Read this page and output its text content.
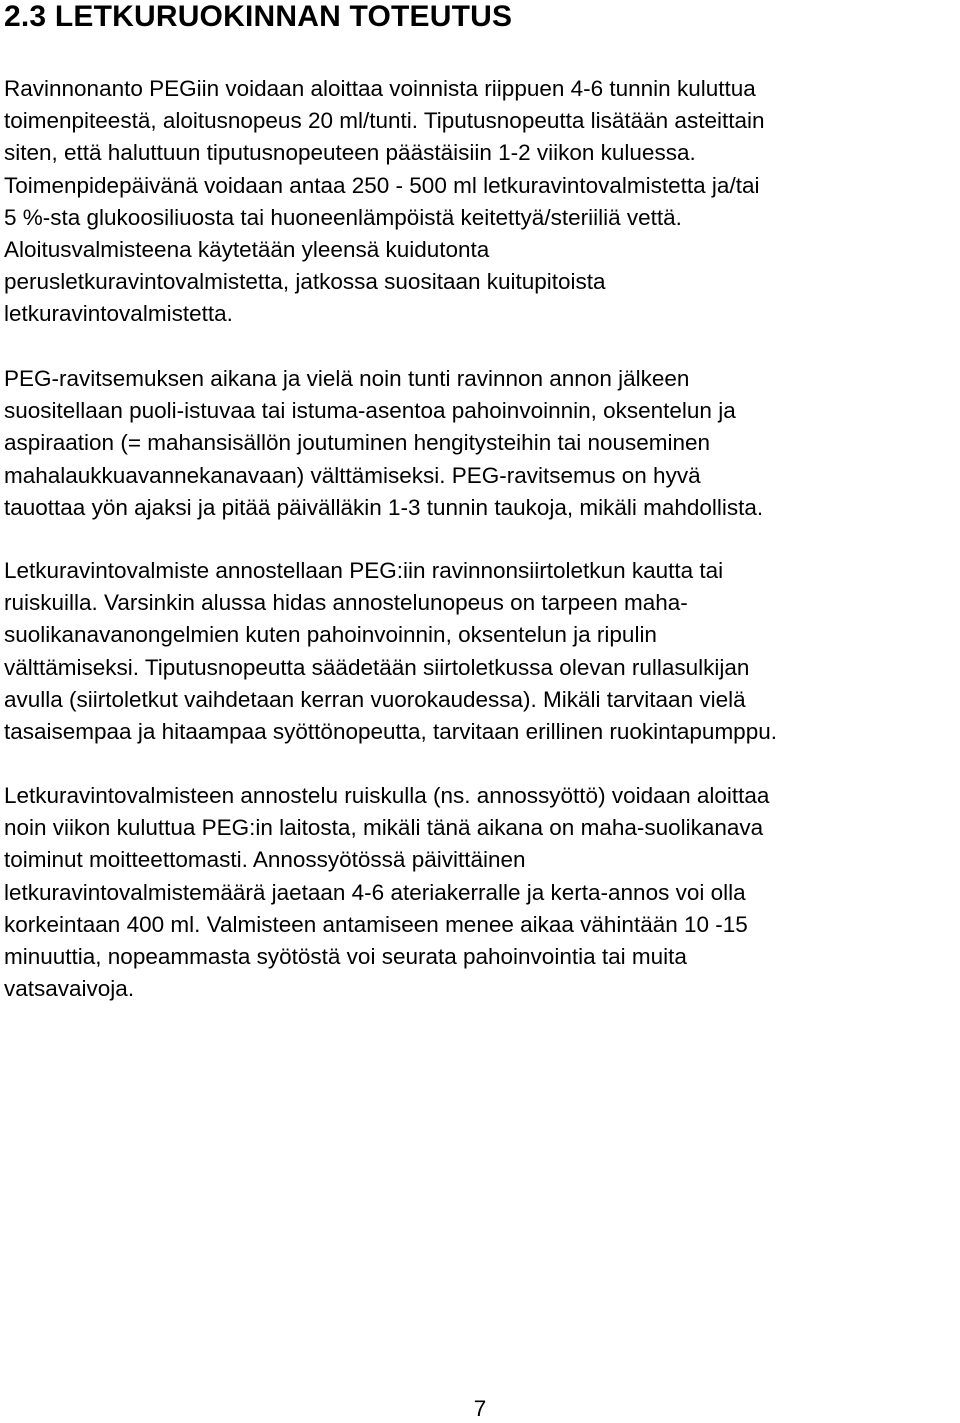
2.3 LETKURUOKINNAN TOTEUTUS

Ravinnonanto PEGiin voidaan aloittaa voinnista riippuen 4-6 tunnin kuluttua
toimenpiteestä, aloitusnopeus 20 ml/tunti. Tiputusnopeutta lisätään asteittain
siten, että haluttuun tiputusnopeuteen päästäisiin 1-2 viikon kuluessa.
Toimenpidepäivänä voidaan antaa 250 - 500 ml letkuravintovalmistetta ja/tai
5 %-sta glukoosiliuosta tai huoneenlämpöistä keitettyä/steriiliä vettä.
Aloitusvalmisteena käytetään yleensä kuidutonta
perusletkuravintovalmistetta, jatkossa suositaan kuitupitoista
letkuravintovalmistetta.

PEG-ravitsemuksen aikana ja vielä noin tunti ravinnon annon jälkeen
suositellaan puoli-istuvaa tai istuma-asentoa pahoinvoinnin, oksentelun ja
aspiraation (= mahansisällön joutuminen hengitysteihin tai nouseminen
mahalaukkuavannekanavaan) välttämiseksi. PEG-ravitsemus on hyvä
tauottaa yön ajaksi ja pitää päivälläkin 1-3 tunnin taukoja, mikäli mahdollista.

Letkuravintovalmiste annostellaan PEG:iin ravinnonsiirtoletkun kautta tai
ruiskuilla. Varsinkin alussa hidas annostelunopeus on tarpeen maha-
suolikanavanongelmien kuten pahoinvoinnin, oksentelun ja ripulin
välttämiseksi. Tiputusnopeutta säädetään siirtoletkussa olevan rullasulkijan
avulla (siirtoletkut vaihdetaan kerran vuorokaudessa). Mikäli tarvitaan vielä
tasaisempaa ja hitaampaa syöttönopeutta, tarvitaan erillinen ruokintapumppu.

Letkuravintovalmisteen annostelu ruiskulla (ns. annossyöttö) voidaan aloittaa
noin viikon kuluttua PEG:in laitosta, mikäli tänä aikana on maha-suolikanava
toiminut moitteettomasti. Annossyötössä päivittäinen
letkuravintovalmistemäärä jaetaan 4-6 ateriakerralle ja kerta-annos voi olla
korkeintaan 400 ml. Valmisteen antamiseen menee aikaa vähintään 10 -15
minuuttia, nopeammasta syötöstä voi seurata pahoinvointia tai muita
vatsavaivoja.

7
